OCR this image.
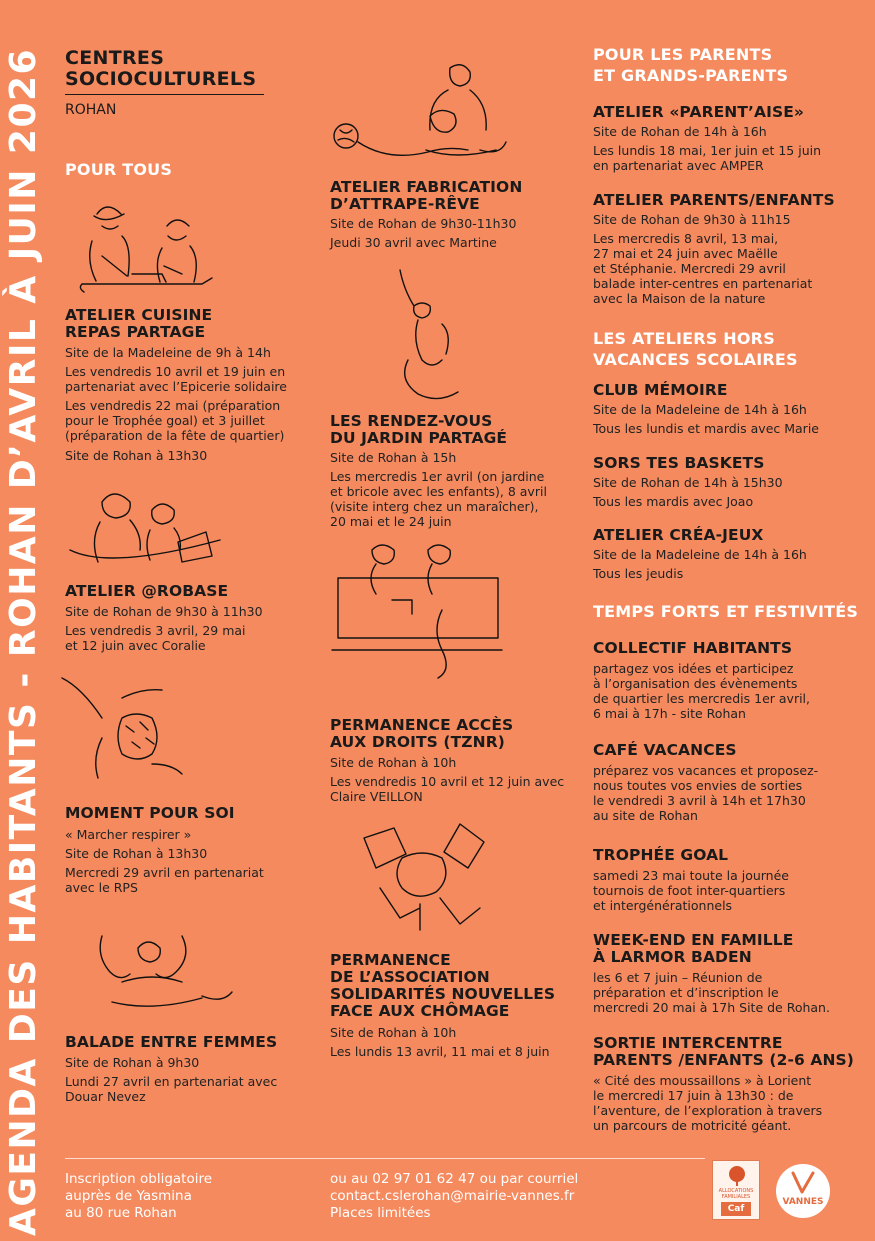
AGENDA DES HABITANTS - ROHAN D’AVRIL À JUIN 2026 CENTRES
SOCIOCULTURELS
ROHAN
POUR TOUS
ATELIER CUISINE
REPAS PARTAGE
Site de la Madeleine de 9h à 14h
Les vendredis 10 avril et 19 juin en
partenariat avec l’Epicerie solidaire
Les vendredis 22 mai (préparation
pour le Trophée goal) et 3 juillet
(préparation de la fête de quartier)
Site de Rohan à 13h30
ATELIER @ROBASE
Site de Rohan de 9h30 à 11h30
Les vendredis 3 avril, 29 mai
et 12 juin avec Coralie
MOMENT POUR SOI
« Marcher respirer »
Site de Rohan à 13h30
Mercredi 29 avril en partenariat
avec le RPS
BALADE ENTRE FEMMES
Site de Rohan à 9h30
Lundi 27 avril en partenariat avec
Douar Nevez
ATELIER FABRICATION
D’ATTRAPE-RÊVE
Site de Rohan de 9h30-11h30
Jeudi 30 avril avec Martine
LES RENDEZ-VOUS
DU JARDIN PARTAGÉ
Site de Rohan à 15h
Les mercredis 1er avril (on jardine
et bricole avec les enfants), 8 avril
(visite interg chez un maraîcher),
20 mai et le 24 juin
PERMANENCE ACCÈS
AUX DROITS (TZNR)
Site de Rohan à 10h
Les vendredis 10 avril et 12 juin avec
Claire VEILLON
PERMANENCE
DE L’ASSOCIATION
SOLIDARITÉS NOUVELLES
FACE AUX CHÔMAGE
Site de Rohan à 10h
Les lundis 13 avril, 11 mai et 8 juin
POUR LES PARENTS
ET GRANDS-PARENTS
ATELIER «PARENT’AISE»
Site de Rohan de 14h à 16h
Les lundis 18 mai, 1er juin et 15 juin
en partenariat avec AMPER
ATELIER PARENTS/ENFANTS
Site de Rohan de 9h30 à 11h15
Les mercredis 8 avril, 13 mai,
27 mai et 24 juin avec Maëlle
et Stéphanie. Mercredi 29 avril
balade inter-centres en partenariat
avec la Maison de la nature
LES ATELIERS HORS
VACANCES SCOLAIRES
CLUB MÉMOIRE
Site de la Madeleine de 14h à 16h
Tous les lundis et mardis avec Marie
SORS TES BASKETS
Site de Rohan de 14h à 15h30
Tous les mardis avec Joao
ATELIER CRÉA-JEUX
Site de la Madeleine de 14h à 16h
Tous les jeudis
TEMPS FORTS ET FESTIVITÉS
COLLECTIF HABITANTS
partagez vos idées et participez
à l’organisation des évènements
de quartier les mercredis 1er avril,
6 mai à 17h - site Rohan
CAFÉ VACANCES
préparez vos vacances et proposez-
nous toutes vos envies de sorties
le vendredi 3 avril à 14h et 17h30
au site de Rohan
TROPHÉE GOAL
samedi 23 mai toute la journée
tournois de foot inter-quartiers
et intergénérationnels
WEEK-END EN FAMILLE
À LARMOR BADEN
les 6 et 7 juin – Réunion de
préparation et d’inscription le
mercredi 20 mai à 17h Site de Rohan.
SORTIE INTERCENTRE
PARENTS /ENFANTS (2-6 ANS)
« Cité des moussaillons » à Lorient
le mercredi 17 juin à 13h30 : de
l’aventure, de l’exploration à travers
un parcours de motricité géant.
Inscription obligatoire
auprès de Yasmina
au 80 rue Rohan
ou au 02 97 01 62 47 ou par courriel
contact.cslerohan@mairie-vannes.fr
Places limitées
ALLOCATIONS
FAMILIALES
Caf
VANNES
